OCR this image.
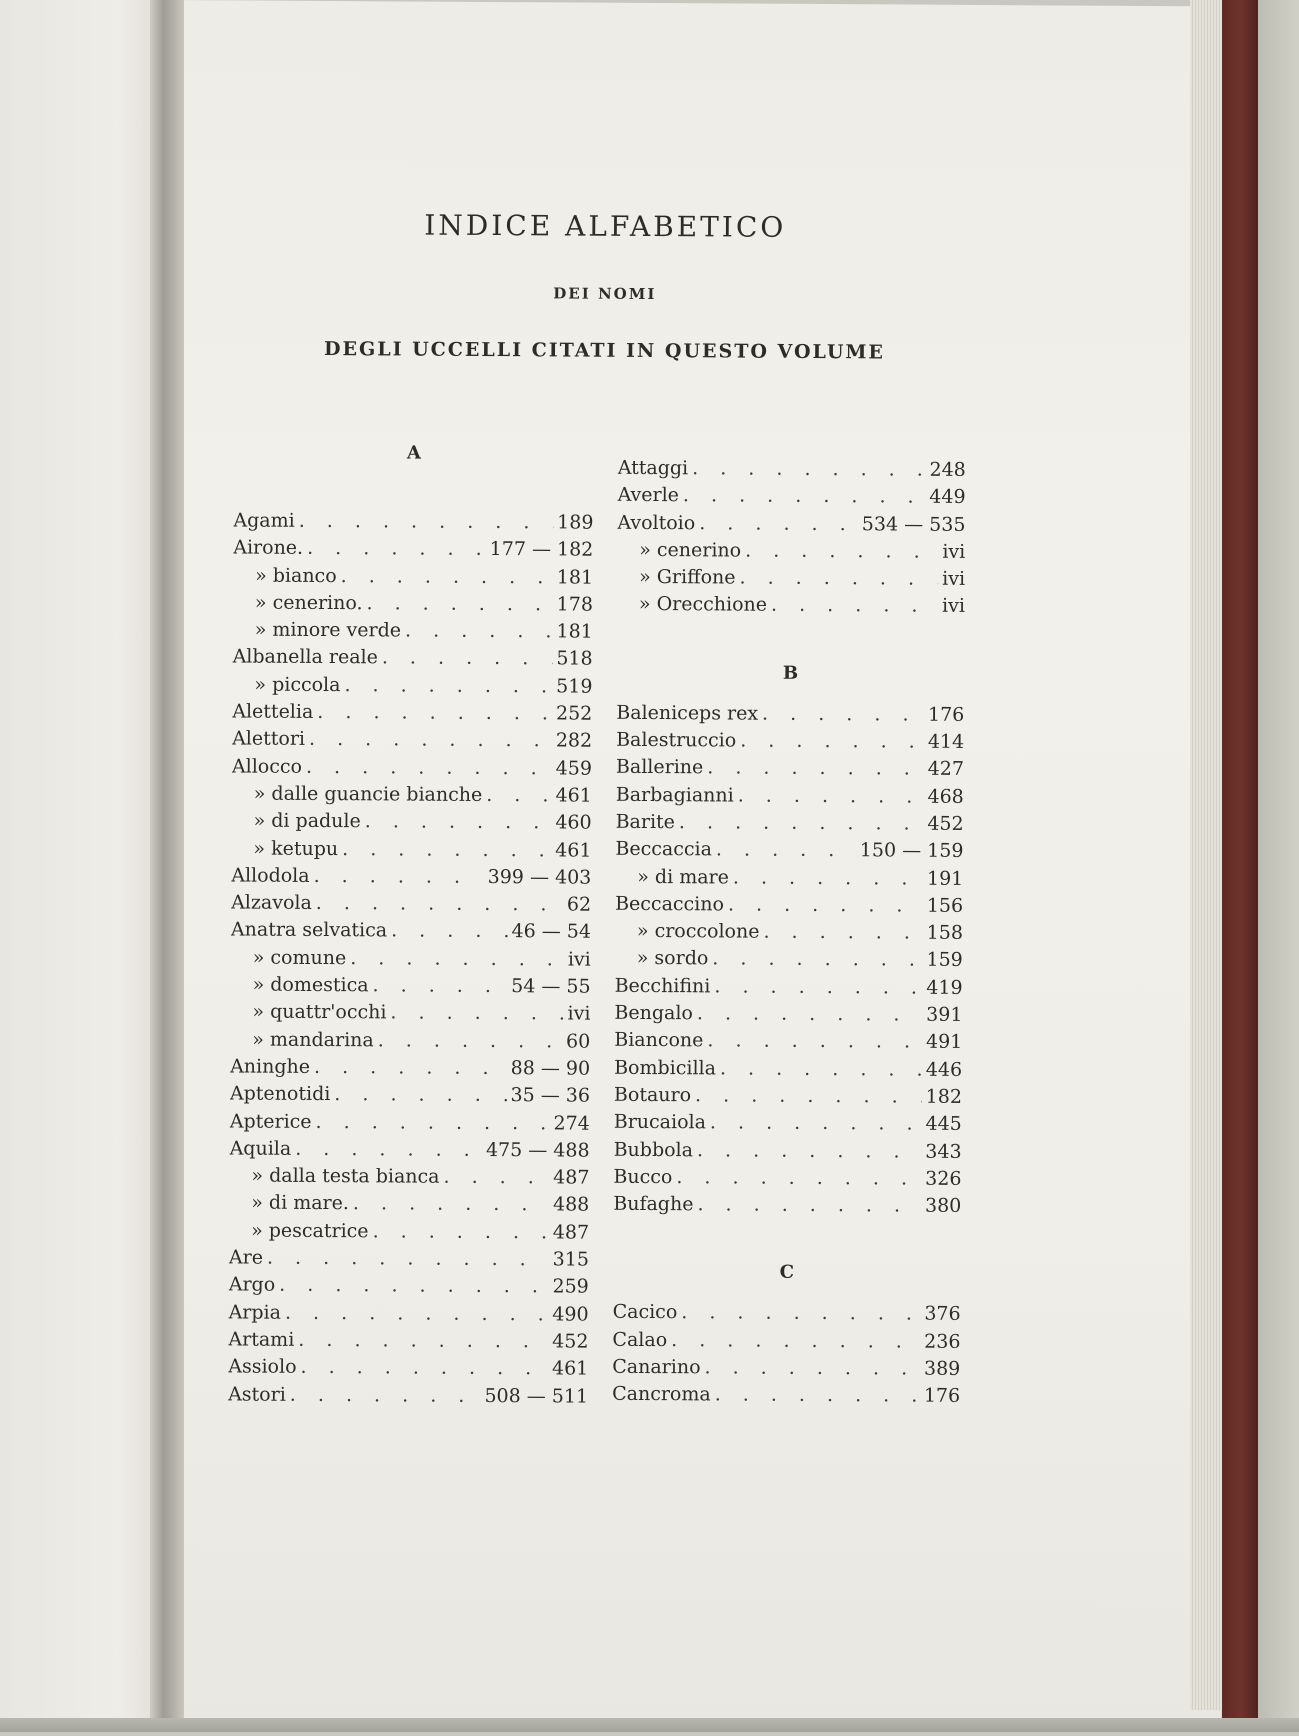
INDICE ALFABETICO
DEI NOMI
DEGLI UCCELLI CITATI IN QUESTO VOLUME
A
Agami . . .	189
Airone. . . .	177 — 182
» bianco . . .	181
» cenerino. . . .	178
» minore verde . . .	181
Albanella reale . . .	518
» piccola . . .	519
Alettelia . . .	252
Alettori . . .	282
Allocco . . .	459
» dalle guancie bianche . . .	461
» di padule . . .	460
» ketupu . . .	461
Allodola . . .	399 — 403
Alzavola . . .	62
Anatra selvatica . . .	46 — 54
» comune . . .	ivi
» domestica . . .	54 — 55
» quattr'occhi . . .	ivi
» mandarina . . .	60
Aninghe . . .	88 — 90
Aptenotidi . . .	35 — 36
Apterice . . .	274
Aquila . . .	475 — 488
» dalla testa bianca . . .	487
» di mare. . . .	488
» pescatrice . . .	487
Are . . .	315
Argo . . .	259
Arpia . . .	490
Artami . . .	452
Assiolo . . .	461
Astori . . .	508 — 511
Attaggi . . .	248
Averle . . .	449
Avoltoio . . .	534 — 535
» cenerino . . .	ivi
» Griffone . . .	ivi
» Orecchione . . .	ivi
B
Baleniceps rex . . .	176
Balestruccio . . .	414
Ballerine . . .	427
Barbagianni . . .	468
Barite . . .	452
Beccaccia . . .	150 — 159
» di mare . . .	191
Beccaccino . . .	156
» croccolone . . .	158
» sordo . . .	159
Becchifini . . .	419
Bengalo . . .	391
Biancone . . .	491
Bombicilla . . .	446
Botauro . . .	182
Brucaiola . . .	445
Bubbola . . .	343
Bucco . . .	326
Bufaghe . . .	380
C
Cacico . . .	376
Calao . . .	236
Canarino . . .	389
Cancroma . . .	176
